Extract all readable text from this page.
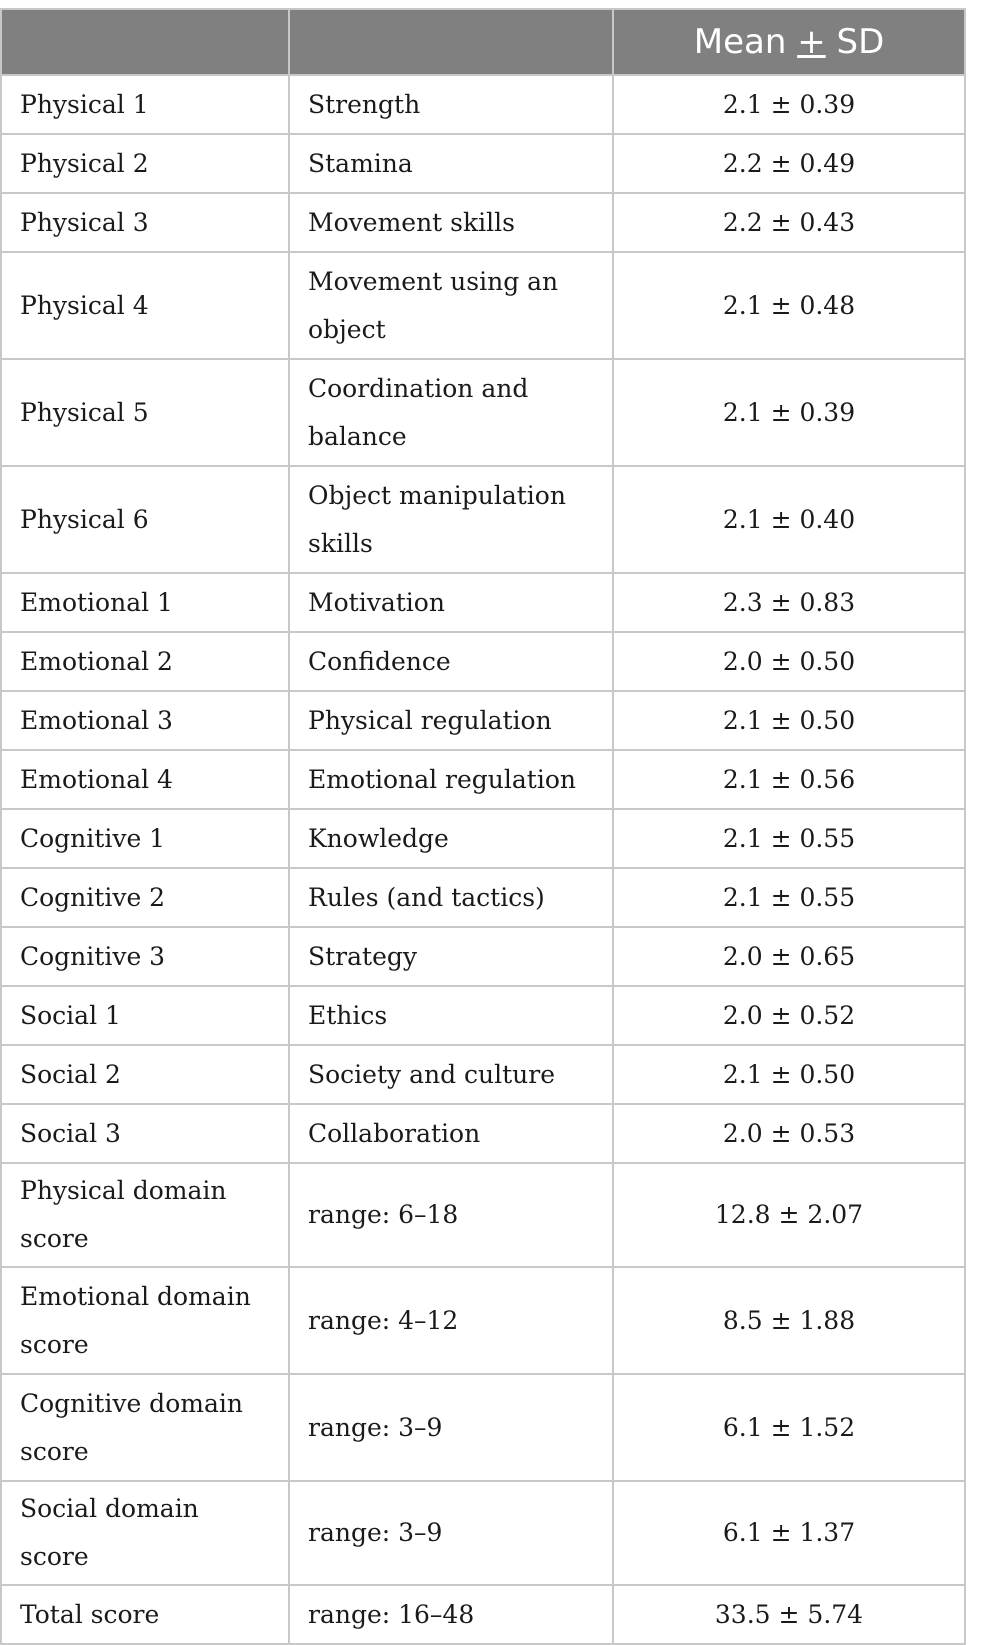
		Mean + SD
Physical 1	Strength	2.1 ± 0.39
Physical 2	Stamina	2.2 ± 0.49
Physical 3	Movement skills	2.2 ± 0.43
Physical 4	Movement using an object	2.1 ± 0.48
Physical 5	Coordination and balance	2.1 ± 0.39
Physical 6	Object manipulation skills	2.1 ± 0.40
Emotional 1	Motivation	2.3 ± 0.83
Emotional 2	Confidence	2.0 ± 0.50
Emotional 3	Physical regulation	2.1 ± 0.50
Emotional 4	Emotional regulation	2.1 ± 0.56
Cognitive 1	Knowledge	2.1 ± 0.55
Cognitive 2	Rules (and tactics)	2.1 ± 0.55
Cognitive 3	Strategy	2.0 ± 0.65
Social 1	Ethics	2.0 ± 0.52
Social 2	Society and culture	2.1 ± 0.50
Social 3	Collaboration	2.0 ± 0.53
Physical domain score	range: 6–18	12.8 ± 2.07
Emotional domain score	range: 4–12	8.5 ± 1.88
Cognitive domain score	range: 3–9	6.1 ± 1.52
Social domain score	range: 3–9	6.1 ± 1.37
Total score	range: 16–48	33.5 ± 5.74
